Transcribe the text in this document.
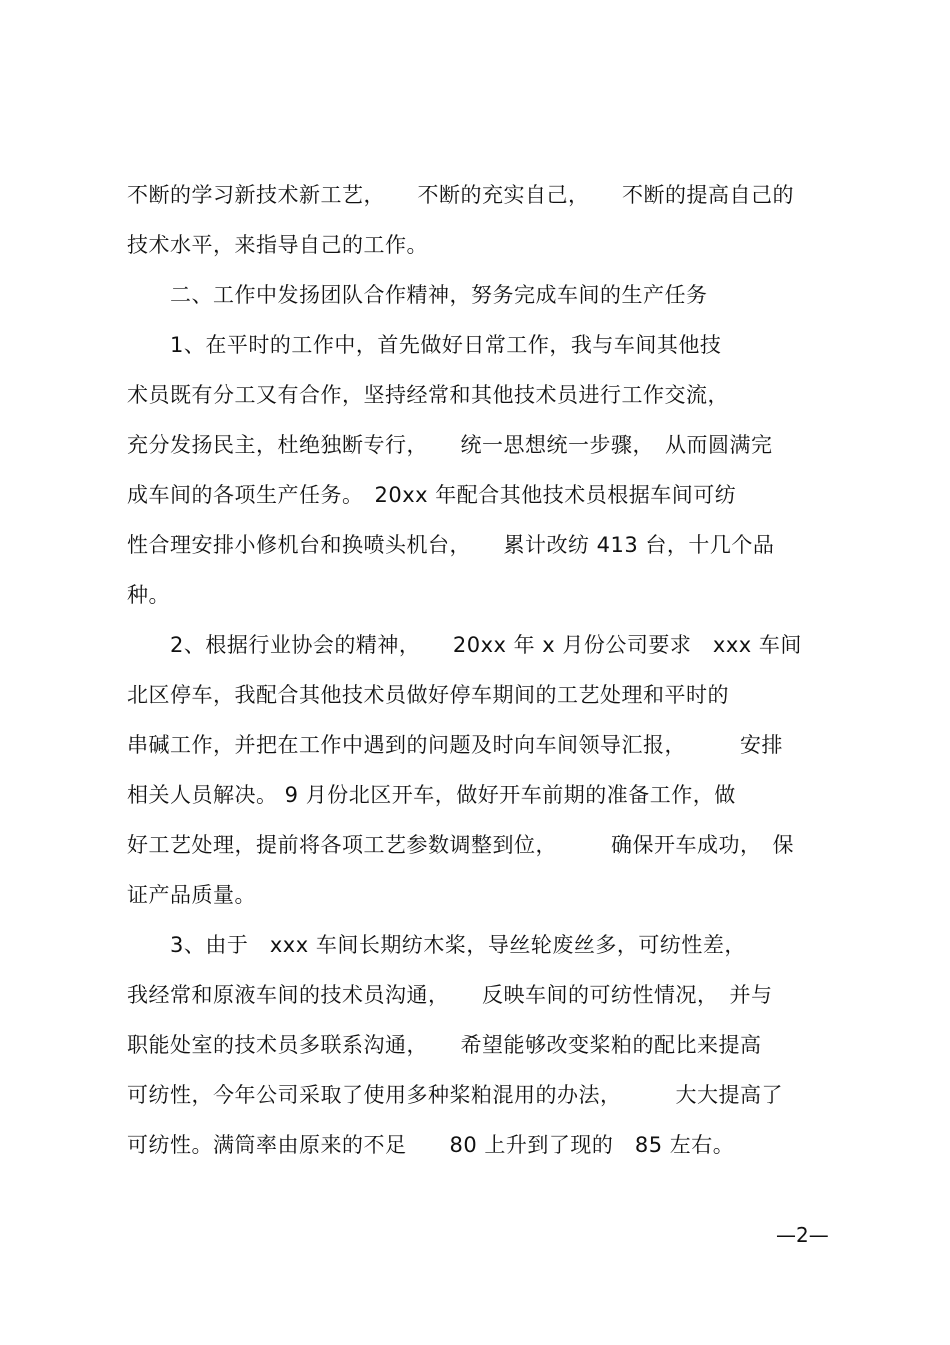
不断的学习新技术新工艺，　　不断的充实自己，　　不断的提高自己的
技术水平，来指导自己的工作。
　　二、工作中发扬团队合作精神，努务完成车间的生产任务
　　1、在平时的工作中，首先做好日常工作，我与车间其他技
术员既有分工又有合作，坚持经常和其他技术员进行工作交流，
充分发扬民主，杜绝独断专行，　　统一思想统一步骤，　从而圆满完
成车间的各项生产任务。　20xx 年配合其他技术员根据车间可纺
性合理安排小修机台和换喷头机台，　　累计改纺 413 台，十几个品
种。
　　2、根据行业协会的精神，　　20xx 年 x 月份公司要求　xxx 车间
北区停车，我配合其他技术员做好停车期间的工艺处理和平时的
串碱工作，并把在工作中遇到的问题及时向车间领导汇报，　　　安排
相关人员解决。 9 月份北区开车，做好开车前期的准备工作，做
好工艺处理，提前将各项工艺参数调整到位，　　　确保开车成功，　保
证产品质量。
　　3、由于　xxx 车间长期纺木桨，导丝轮废丝多，可纺性差，
我经常和原液车间的技术员沟通，　　反映车间的可纺性情况，　并与
职能处室的技术员多联系沟通，　　希望能够改变桨粕的配比来提高
可纺性，今年公司采取了使用多种桨粕混用的办法，　　　大大提高了
可纺性。满筒率由原来的不足　　80 上升到了现的　85 左右。
—2—
